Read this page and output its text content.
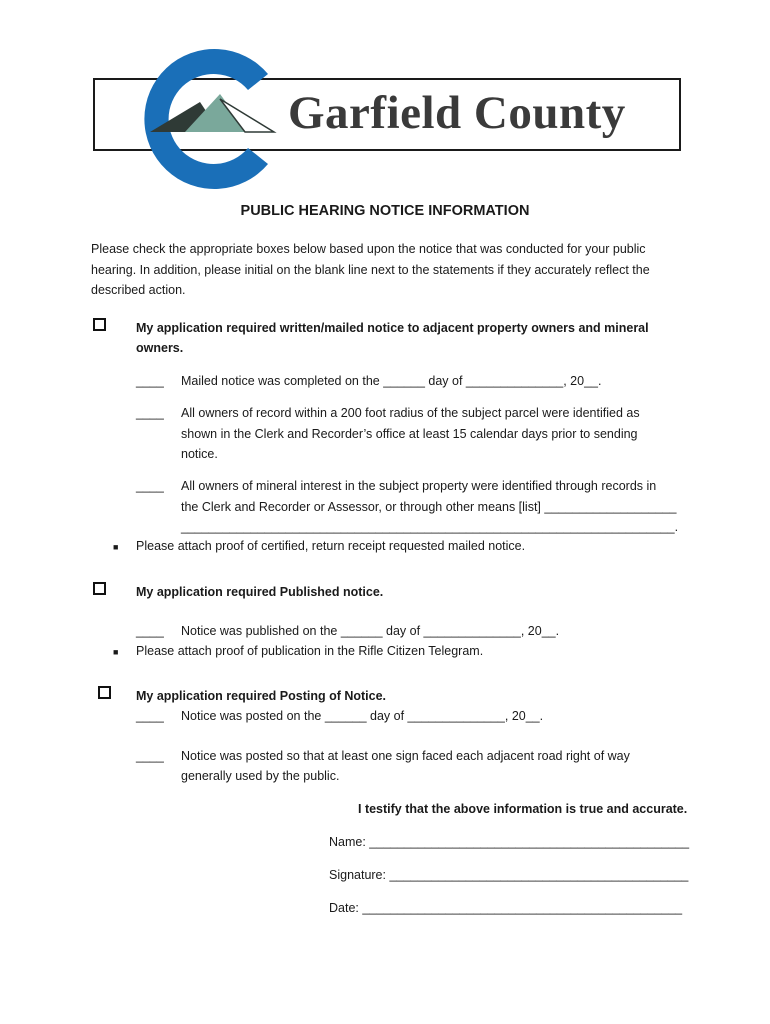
Garfield County
PUBLIC HEARING NOTICE INFORMATION
Please check the appropriate boxes below based upon the notice that was conducted for your public hearing. In addition, please initial on the blank line next to the statements if they accurately reflect the described action.
My application required written/mailed notice to adjacent property owners and mineral
owners.
____ Mailed notice was completed on the ______ day of ______________, 20__.
____ All owners of record within a 200 foot radius of the subject parcel were identified as
shown in the Clerk and Recorder’s office at least 15 calendar days prior to sending
notice.
____ All owners of mineral interest in the subject property were identified through records in
the Clerk and Recorder or Assessor, or through other means [list] ___________________
_______________________________________________________________________.
■ Please attach proof of certified, return receipt requested mailed notice.
My application required Published notice.
____ Notice was published on the ______ day of ______________, 20__.
■ Please attach proof of publication in the Rifle Citizen Telegram.
My application required Posting of Notice.
____ Notice was posted on the ______ day of ______________, 20__.
____ Notice was posted so that at least one sign faced each adjacent road right of way
generally used by the public.
I testify that the above information is true and accurate.
Name: ______________________________________________
Signature: ___________________________________________
Date: ______________________________________________
